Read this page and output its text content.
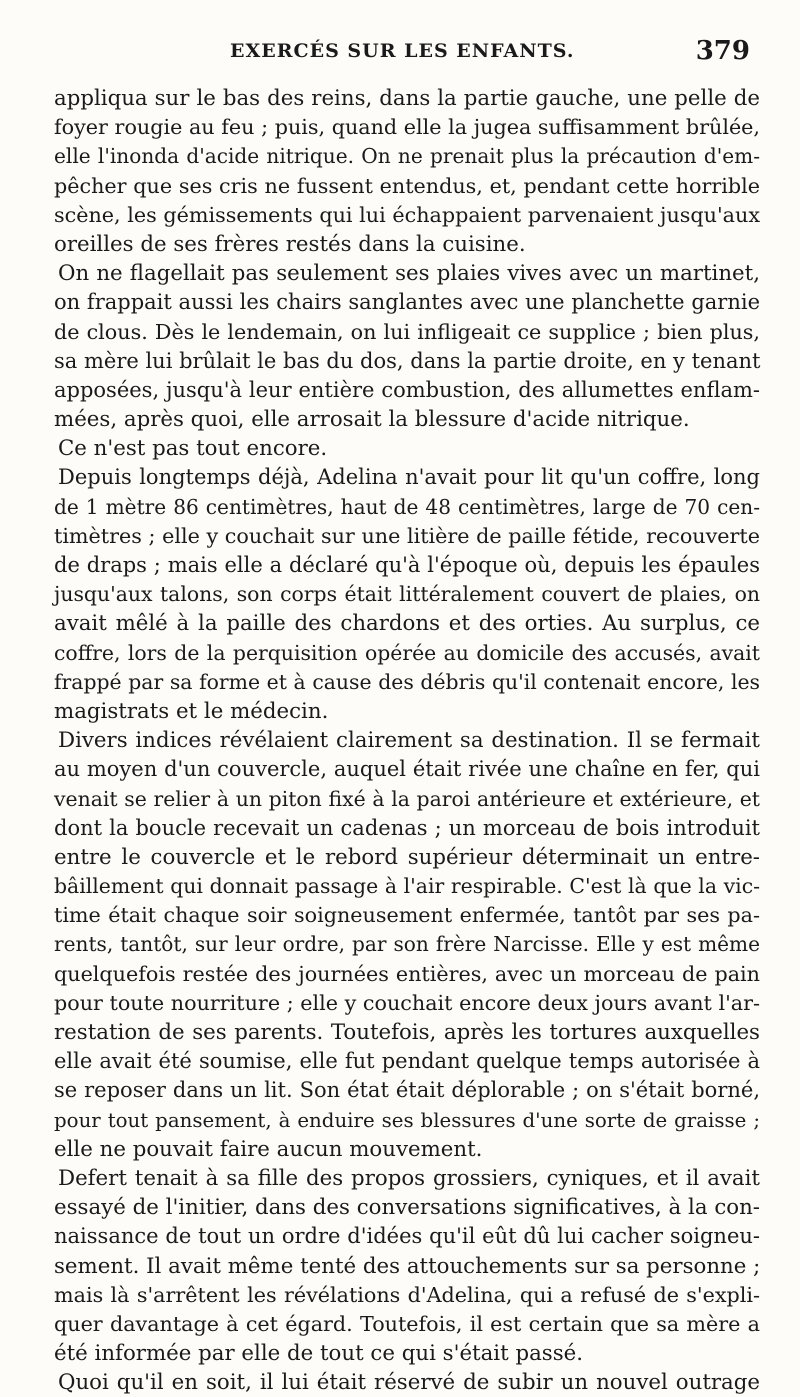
EXERCÉS SUR LES ENFANTS.	379
appliqua sur le bas des reins, dans la partie gauche, une pelle de
foyer rougie au feu ; puis, quand elle la jugea suffisamment brûlée,
elle l'inonda d'acide nitrique. On ne prenait plus la précaution d'em-
pêcher que ses cris ne fussent entendus, et, pendant cette horrible
scène, les gémissements qui lui échappaient parvenaient jusqu'aux
oreilles de ses frères restés dans la cuisine.
On ne flagellait pas seulement ses plaies vives avec un martinet,
on frappait aussi les chairs sanglantes avec une planchette garnie
de clous. Dès le lendemain, on lui infligeait ce supplice ; bien plus,
sa mère lui brûlait le bas du dos, dans la partie droite, en y tenant
apposées, jusqu'à leur entière combustion, des allumettes enflam-
mées, après quoi, elle arrosait la blessure d'acide nitrique.
Ce n'est pas tout encore.
Depuis longtemps déjà, Adelina n'avait pour lit qu'un coffre, long
de 1 mètre 86 centimètres, haut de 48 centimètres, large de 70 cen-
timètres ; elle y couchait sur une litière de paille fétide, recouverte
de draps ; mais elle a déclaré qu'à l'époque où, depuis les épaules
jusqu'aux talons, son corps était littéralement couvert de plaies, on
avait mêlé à la paille des chardons et des orties. Au surplus, ce
coffre, lors de la perquisition opérée au domicile des accusés, avait
frappé par sa forme et à cause des débris qu'il contenait encore, les
magistrats et le médecin.
Divers indices révélaient clairement sa destination. Il se fermait
au moyen d'un couvercle, auquel était rivée une chaîne en fer, qui
venait se relier à un piton fixé à la paroi antérieure et extérieure, et
dont la boucle recevait un cadenas ; un morceau de bois introduit
entre le couvercle et le rebord supérieur déterminait un entre-
bâillement qui donnait passage à l'air respirable. C'est là que la vic-
time était chaque soir soigneusement enfermée, tantôt par ses pa-
rents, tantôt, sur leur ordre, par son frère Narcisse. Elle y est même
quelquefois restée des journées entières, avec un morceau de pain
pour toute nourriture ; elle y couchait encore deux jours avant l'ar-
restation de ses parents. Toutefois, après les tortures auxquelles
elle avait été soumise, elle fut pendant quelque temps autorisée à
se reposer dans un lit. Son état était déplorable ; on s'était borné,
pour tout pansement, à enduire ses blessures d'une sorte de graisse ;
elle ne pouvait faire aucun mouvement.
Defert tenait à sa fille des propos grossiers, cyniques, et il avait
essayé de l'initier, dans des conversations significatives, à la con-
naissance de tout un ordre d'idées qu'il eût dû lui cacher soigneu-
sement. Il avait même tenté des attouchements sur sa personne ;
mais là s'arrêtent les révélations d'Adelina, qui a refusé de s'expli-
quer davantage à cet égard. Toutefois, il est certain que sa mère a
été informée par elle de tout ce qui s'était passé.
Quoi qu'il en soit, il lui était réservé de subir un nouvel outrage
